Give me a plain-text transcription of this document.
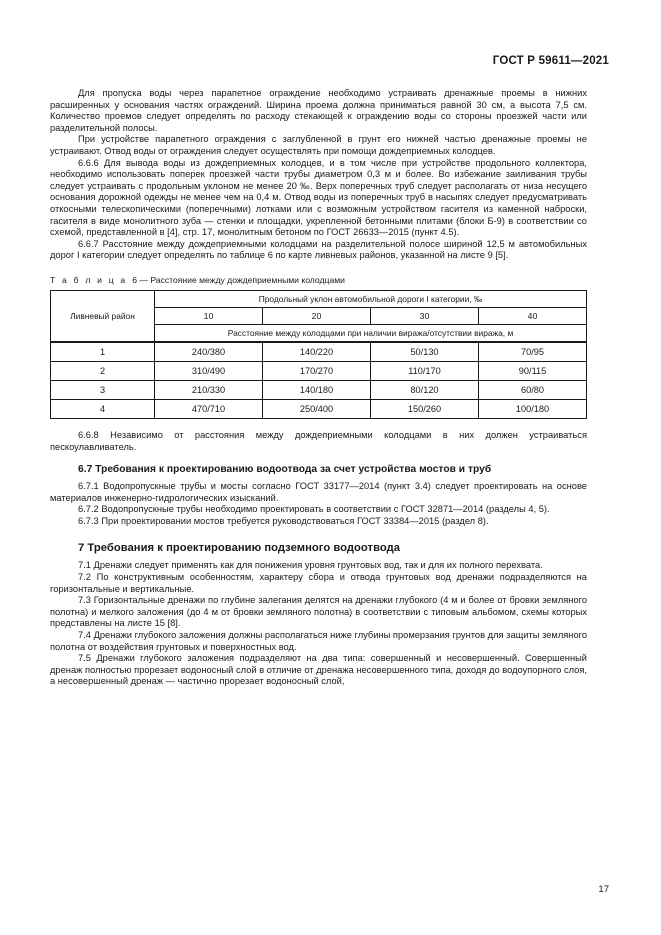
ГОСТ Р 59611—2021

Для пропуска воды через парапетное ограждение необходимо устраивать дренажные проемы в нижних расширенных у основания частях ограждений. Ширина проема должна приниматься равной 30 см, а высота 7,5 см. Количество проемов следует определять по расходу стекающей к ограждению воды со стороны проезжей части или разделительной полосы.

При устройстве парапетного ограждения с заглубленной в грунт его нижней частью дренажные проемы не устраивают. Отвод воды от ограждения следует осуществлять при помощи дождеприемных колодцев.

6.6.6 Для вывода воды из дождеприемных колодцев, и в том числе при устройстве продольного коллектора, необходимо использовать поперек проезжей части трубы диаметром 0,3 м и более. Во избежание заиливания трубы следует устраивать с продольным уклоном не менее 20 ‰. Верх поперечных труб следует располагать от низа несущего основания дорожной одежды не менее чем на 0,4 м. Отвод воды из поперечных труб в насыпях следует предусматривать откосными телескопическими (поперечными) лотками или с возможным устройством гасителя из каменной наброски, гасителя в виде монолитного зуба — стенки и площадки, укрепленной бетонными плитами (блоки Б-9) в соответствии со схемой, представленной в [4], стр. 17, монолитным бетоном по ГОСТ 26633—2015 (пункт 4.5).

6.6.7 Расстояние между дождеприемными колодцами на разделительной полосе шириной 12,5 м автомобильных дорог I категории следует определять по таблице 6 по карте ливневых районов, указанной на листе 9 [5].

Т а б л и ц а 6 — Расстояние между дождеприемными колодцами

Ливневый район	Продольный уклон автомобильной дороги I категории, ‰			
	10	20	30	40
	Расстояние между колодцами при наличии виража/отсутствии виража, м			
1	240/380	140/220	50/130	70/95
2	310/490	170/270	110/170	90/115
3	210/330	140/180	80/120	60/80
4	470/710	250/400	150/260	100/180

6.6.8 Независимо от расстояния между дождеприемными колодцами в них должен устраиваться пескоулавливатель.

6.7 Требования к проектированию водоотвода за счет устройства мостов и труб

6.7.1 Водопропускные трубы и мосты согласно ГОСТ 33177—2014 (пункт 3.4) следует проектировать на основе материалов инженерно-гидрологических изысканий.

6.7.2 Водопропускные трубы необходимо проектировать в соответствии с ГОСТ 32871—2014 (разделы 4, 5).

6.7.3 При проектировании мостов требуется руководствоваться ГОСТ 33384—2015 (раздел 8).

7 Требования к проектированию подземного водоотвода

7.1 Дренажи следует применять как для понижения уровня грунтовых вод, так и для их полного перехвата.

7.2 По конструктивным особенностям, характеру сбора и отвода грунтовых вод дренажи подразделяются на горизонтальные и вертикальные.

7.3 Горизонтальные дренажи по глубине залегания делятся на дренажи глубокого (4 м и более от бровки земляного полотна) и мелкого заложения (до 4 м от бровки земляного полотна) в соответствии с типовым альбомом, схемы которых представлены на листе 15 [8].

7.4 Дренажи глубокого заложения должны располагаться ниже глубины промерзания грунтов для защиты земляного полотна от воздействия грунтовых и поверхностных вод.

7.5 Дренажи глубокого заложения подразделяют на два типа: совершенный и несовершенный. Совершенный дренаж полностью прорезает водоносный слой в отличие от дренажа несовершенного типа, доходя до водоупорного слоя, а несовершенный дренаж — частично прорезает водоносный слой,

17
